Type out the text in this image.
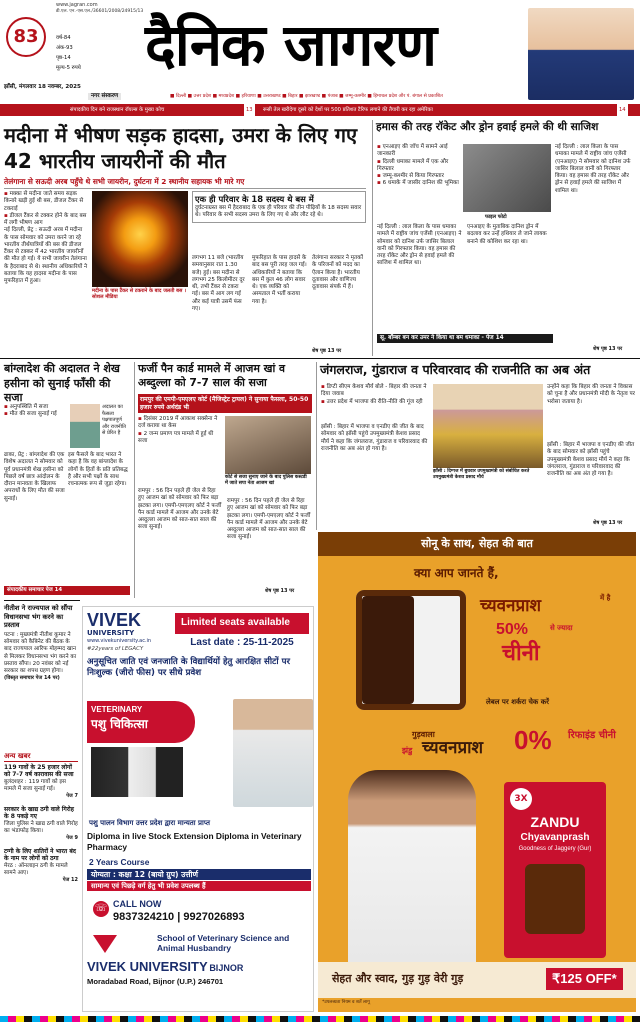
www.jagran.com
डी.एल. एन.-एस.एल./36601/2008/24915/13
83	वर्ष-84
अंक-93
पृष्ठ-14
मूल्य-5 रुपये
झाँसी, मंगलवार 18 नवम्बर, 2025
नगर संस्करण
दैनिक जागरण
■ दिल्ली ■ उत्तर प्रदेश ■ मध्यप्रदेश ■ हरियाणा ■ उत्तराखण्ड ■ बिहार ■ झारखण्ड ■ पंजाब ■ जम्मू-कश्मीर ■ हिमाचल प्रदेश और पं. बंगाल से प्रकाशित
संपादकीय दिन बने राजस्थान रॉयल्स के मुख्य कोच	13	रूसी तेल खरीदेगा दूसरे को देशों पर 500 प्रतिशत टैरिफ लगाने की तैयारी कर रहा अमेरिका	14
मदीना में भीषण सड़क हादसा, उमरा के लिए गए 42 भारतीय जायरीनों की मौत
तेलंगाना से सऊदी अरब पहुँचे थे सभी जायरीन, दुर्घटना में 2 स्थानीय सहायक भी मारे गए
▪ मक्का से मदीना जाते समय सड़क किनारे खड़ी हुई थी बस, डीजल टैंकर से टकराई
▪ डीजल टैंकर से टक्कर होने के बाद बस में लगी भीषण आग

नई दिल्ली, प्रेट्र : सऊदी अरब में मदीना के पास सोमवार को उमरा करने जा रहे भारतीय तीर्थयात्रियों की बस की डीजल टैंकर से टक्कर में 42 भारतीय जायरीनों की मौत हो गई। ये सभी जायरीन तेलंगाना के हैदराबाद से थे। स्थानीय अधिकारियों ने बताया कि यह हादसा मदीना के पास मुफरिहात में हुआ।

मदीना के पास टैंकर से टकराने के बाद जलती बस । सोशल मीडिया
एक ही परिवार के 18 सदस्य थे बस में
दुर्घटनाग्रस्त बस में हैदराबाद के एक ही परिवार की तीन पीढ़ियों के 18 सदस्य सवार थे। परिवार के सभी सदस्य उमरा के लिए गए थे और लौट रहे थे।
लगभग 11 बजे (भारतीय समयानुसार रात 1.30 बजे) हुई। बस मदीना से लगभग 25 किलोमीटर दूर थी, तभी टैंकर से टकरा गई। बस में आग लग गई और कई यात्री उसमें फंस गए।
मुफरिहात के पास हादसे के बाद बस पूरी तरह जल गई। अधिकारियों ने बताया कि बस में कुल 46 लोग सवार थे। एक व्यक्ति को अस्पताल में भर्ती कराया गया है।
तेलंगाना सरकार ने मृतकों के परिजनों को मदद का ऐलान किया है। भारतीय दूतावास और वाणिज्य दूतावास संपर्क में हैं।
शेष पृष्ठ 13 पर
हमास की तरह रॉकेट और ड्रोन हवाई हमले की थी साजिश
▪ एनआइए की जाँच में सामने आई जानकारी
▪ दिल्ली धमाका मामले में एक और गिरफ्तार
▪ जम्मू-कश्मीर से किया गिरफ्तार
▪ 6 धमाके में जासीर दानिश की भूमिका
फाइल फोटो
नई दिल्ली : लाल किला के पास धमाका मामले में राष्ट्रीय जांच एजेंसी (एनआइए) ने सोमवार को दानिश उर्फ जासिर बिलाल वानी को गिरफ्तार किया। वह हमास की तरह रॉकेट और ड्रोन से हवाई हमले की साजिश में शामिल था।
एनआइए के मुताबिक दानिश ड्रोन में बदलाव कर उन्हें हथियार ले जाने लायक बनाने की कोशिश कर रहा था।
नई दिल्ली : लाल किला के पास धमाका मामले में राष्ट्रीय जांच एजेंसी (एनआइए) ने सोमवार को दानिश उर्फ जासिर बिलाल वानी को गिरफ्तार किया। वह हमास की तरह रॉकेट और ड्रोन से हवाई हमले की साजिश में शामिल था।
सू. बॉम्बर बन कर उमर ने किया था बम धमाका - पेज 14
शेष पृष्ठ 13 पर
बांग्लादेश की अदालत ने शेख हसीना को सुनाई फाँसी की सजा
▪ अनुपस्थिति में सजा
▪ मौत की सजा सुनाई गई
अदालत का फैसला पक्षपातपूर्ण और राजनीति से प्रेरित है
ढाका, प्रेट्र : बांग्लादेश की एक विशेष अदालत ने सोमवार को पूर्व प्रधानमंत्री शेख हसीना को पिछले वर्ष छात्र आंदोलन के दौरान मानवता के खिलाफ अपराधों के लिए मौत की सजा सुनाई।
इस फैसले के बाद भारत ने कहा है कि वह बांग्लादेश के लोगों के हितों के प्रति प्रतिबद्ध है और सभी पक्षों के साथ रचनात्मक रूप से जुड़ा रहेगा।
संपादकीय समाचार पेज 14
फर्जी पैन कार्ड मामले में आजम खां व अब्दुल्ला को 7-7 साल की सजा
रामपुर की एमपी-एमएलए कोर्ट (मैजिस्ट्रेट ट्रायल) ने सुनाया फैसला, 50-50 हजार रुपये अर्थदंड भी
▪ दिसंबर 2019 में आकाश सक्सेना ने दर्ज कराया था केस
▪ 2 जन्म प्रमाण पत्र मामले में हुई थी सजा
कोर्ट से सजा सुनाए जाने के बाद पुलिस कस्टडी में जाते सपा नेता आजम खां
रामपुर : 56 दिन पहले ही जेल से रिहा हुए आजम खां को सोमवार को फिर बड़ा झटका लगा। एमपी-एमएलए कोर्ट ने फर्जी पैन कार्ड मामले में आजम और उनके बेटे अब्दुल्ला आजम को सात-सात साल की सजा सुनाई।
रामपुर : 56 दिन पहले ही जेल से रिहा हुए आजम खां को सोमवार को फिर बड़ा झटका लगा। एमपी-एमएलए कोर्ट ने फर्जी पैन कार्ड मामले में आजम और उनके बेटे अब्दुल्ला आजम को सात-सात साल की सजा सुनाई।
शेष पृष्ठ 13 पर
जंगलराज, गुंडाराज व परिवारवाद की राजनीति का अब अंत
▪ डिप्टी सीएम केशव मौर्य बोले - बिहार की जनता ने दिया जवाब
▪ उत्तर प्रदेश में भाजपा की रीति-नीति की गूंज रही
झाँसी : दिग्गज में बुधवार उपमुख्यमंत्री को संबोधित करते उपमुख्यमंत्री केशव प्रसाद मौर्य
झाँसी : बिहार में भाजपा व एनडीए की जीत के बाद सोमवार को झाँसी पहुंचे उपमुख्यमंत्री केशव प्रसाद मौर्य ने कहा कि जंगलराज, गुंडाराज व परिवारवाद की राजनीति का अब अंत हो गया है।
उन्होंने कहा कि बिहार की जनता ने विकास को चुना है और प्रधानमंत्री मोदी के नेतृत्व पर भरोसा जताया है।
झाँसी : बिहार में भाजपा व एनडीए की जीत के बाद सोमवार को झाँसी पहुंचे उपमुख्यमंत्री केशव प्रसाद मौर्य ने कहा कि जंगलराज, गुंडाराज व परिवारवाद की राजनीति का अब अंत हो गया है।
शेष पृष्ठ 13 पर
नीतीश ने राज्यपाल को सौंपा विधानसभा भंग करने का प्रस्ताव
पटना : मुख्यमंत्री नीतीश कुमार ने सोमवार को कैबिनेट की बैठक के बाद राज्यपाल आरिफ मोहम्मद खान से मिलकर विधानसभा भंग करने का प्रस्ताव सौंपा। 20 नवंबर को नई सरकार का शपथ ग्रहण होगा।
(विस्तृत समाचार पेज 14 पर)
अन्य खबर
119 गावों के 25 हजार लोगों को 7-7 वर्ष कारावास की सजा
बुलंदशहर : 119 गावों को इस मामले में सजा सुनाई गई।
पेज 7
सरकार के खाद्य ठगी वाले गिरोह के 8 पकड़े गए
जिला पुलिस ने खाद्य ठगी वाले गिरोह का भंडाफोड़ किया।
पेज 9
टग्गी के लिए शातिरों ने भारत बंद के नाम पर लोगों को ठगा
मेरठ : ऑनलाइन ठगी के मामले सामने आए।
पेज 12
VIVEK
UNIVERSITY
www.vivekuniversity.ac.in
#22years of LEGACY
Limited seats available
Last date : 25-11-2025
अनुसूचित जाति एवं जनजाति के विद्यार्थियों हेतु आरक्षित सीटों पर निःशुल्क (जीरो फीस) पर सीधे प्रवेश
VETERINARY
पशु चिकित्सा
पशु पालन विभाग उत्तर प्रदेश द्वारा मान्यता प्राप्त
Diploma in live Stock Extension Diploma in Veterinary Pharmacy
2 Years Course
योग्यता : कक्षा 12 (बायो ग्रुप) उत्तीर्ण
सामान्य एवं पिछड़े वर्ग हेतु भी प्रवेश उपलब्ध हैं
☏ CALL NOW
9837324210 | 9927026893
School of Veterinary Science and Animal Husbandry
VIVEK UNIVERSITY BIJNOR
Moradabad Road, Bijnor (U.P.) 246701
सोनू के साथ, सेहत की बात
क्या आप जानते हैं,
च्यवनप्राश	में है
50%	से ज्यादा
चीनी
लेबल पर शर्करा चेक करें
गुड़वाला
झंडु च्यवनप्राश 0% रिफाइंड चीनी
3X
ZANDU
Chyavanprash
Goodness of Jaggery (Gur)
सेहत और स्वाद, गुड़ गुड़ वेरी गुड़	₹125 OFF*
*उपलब्धता नियम व शर्तें लागू
